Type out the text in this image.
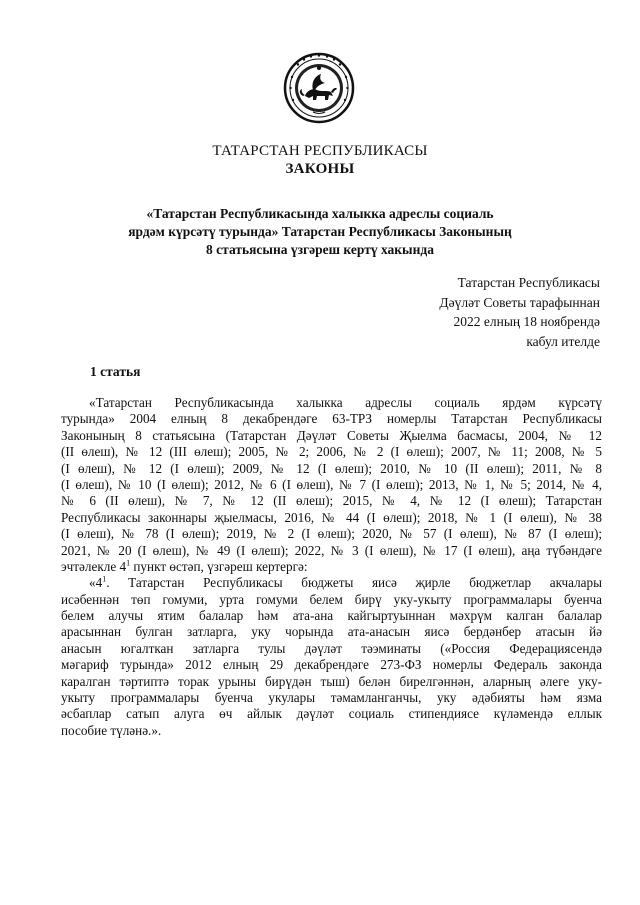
ТАТАРСТАН РЕСПУБЛИКАСЫ
ЗАКОНЫ
«Татарстан Республикасында халыкка адреслы социаль
ярдәм күрсәтү турында» Татарстан Республикасы Законының
8 статьясына үзгәреш кертү хакында
Татарстан Республикасы
Дәүләт Советы тарафыннан
2022 елның 18 ноябрендә
кабул ителде
1 статья
«Татарстан Республикасында халыкка адреслы социаль ярдәм күрсәтү
турында» 2004 елның 8 декабрендәге 63-ТРЗ номерлы Татарстан Республикасы
Законының 8 статьясына (Татарстан Дәүләт Советы Җыелма басмасы, 2004, № 12
(II өлеш), № 12 (III өлеш); 2005, № 2; 2006, № 2 (I өлеш); 2007, № 11; 2008, № 5
(I өлеш), № 12 (I өлеш); 2009, № 12 (I өлеш); 2010, № 10 (II өлеш); 2011, № 8
(I өлеш), № 10 (I өлеш); 2012, № 6 (I өлеш), № 7 (I өлеш); 2013, № 1, № 5; 2014, № 4,
№ 6 (II өлеш), № 7, № 12 (II өлеш); 2015, № 4, № 12 (I өлеш); Татарстан
Республикасы законнары җыелмасы, 2016, № 44 (I өлеш); 2018, № 1 (I өлеш), № 38
(I өлеш), № 78 (I өлеш); 2019, № 2 (I өлеш); 2020, № 57 (I өлеш), № 87 (I өлеш);
2021, № 20 (I өлеш), № 49 (I өлеш); 2022, № 3 (I өлеш), № 17 (I өлеш), аңа түбәндәге
эчтәлекле $4^1$ пункт өстәп, үзгәреш кертергә:
«$4^1$. Татарстан Республикасы бюджеты яисә җирле бюджетлар акчалары
исәбеннән төп гомуми, урта гомуми белем бирү уку-укыту программалары буенча
белем алучы ятим балалар һәм ата-ана кайгыртуыннан мәхрүм калган балалар
арасыннан булган затларга, уку чорында ата-анасын яисә бердәнбер атасын йә
анасын югалткан затларга тулы дәүләт тәэминаты («Россия Федерациясендә
мәгариф турында» 2012 елның 29 декабрендәге 273-ФЗ номерлы Федераль законда
каралган тәртиптә торак урыны бирүдән тыш) белән бирелгәннән, аларның әлеге уку-
укыту программалары буенча укулары тәмамланганчы, уку әдәбияты һәм язма
әсбаплар сатып алуга өч айлык дәүләт социаль стипендиясе күләмендә еллык
пособие түләнә.».
